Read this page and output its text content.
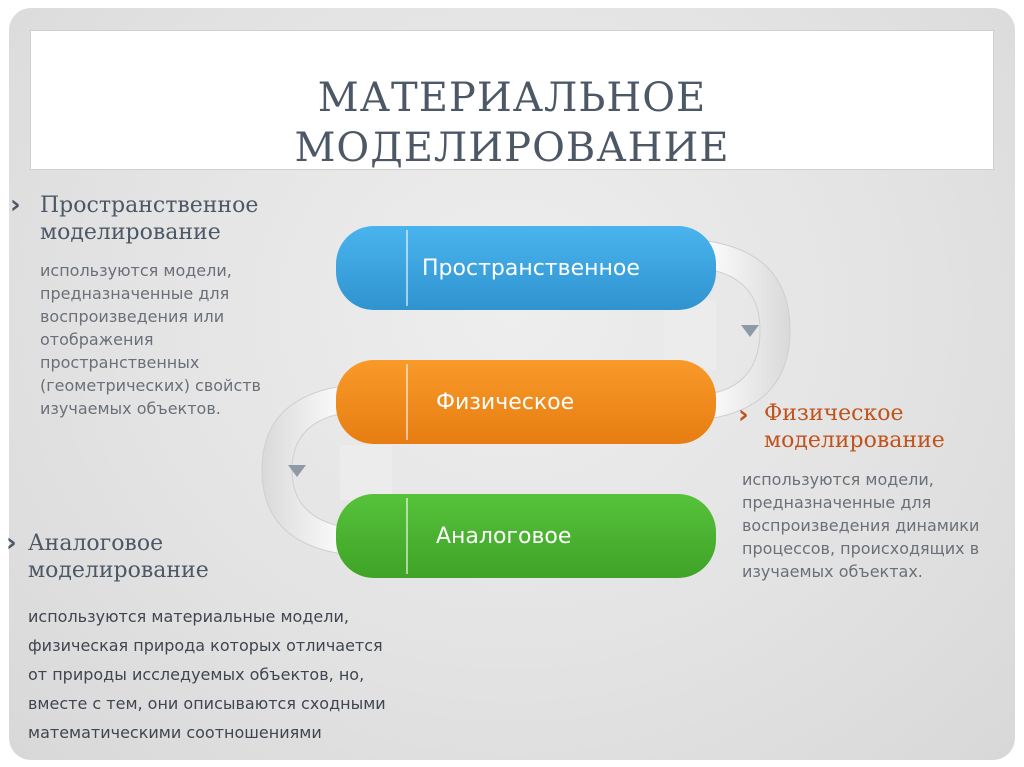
МАТЕРИАЛЬНОЕ
МОДЕЛИРОВАНИЕ
› Пространственное
моделирование
используются модели,
предназначенные для
воспроизведения или
отображения
пространственных
(геометрических) свойств
изучаемых объектов.
Пространственное
Физическое
Аналоговое
› Физическое
моделирование
используются модели,
предназначенные для
воспроизведения динамики
процессов, происходящих в
изучаемых объектах.
› Аналоговое
моделирование
используются материальные модели,
физическая природа которых отличается
от природы исследуемых объектов, но,
вместе с тем, они описываются сходными
математическими соотношениями
